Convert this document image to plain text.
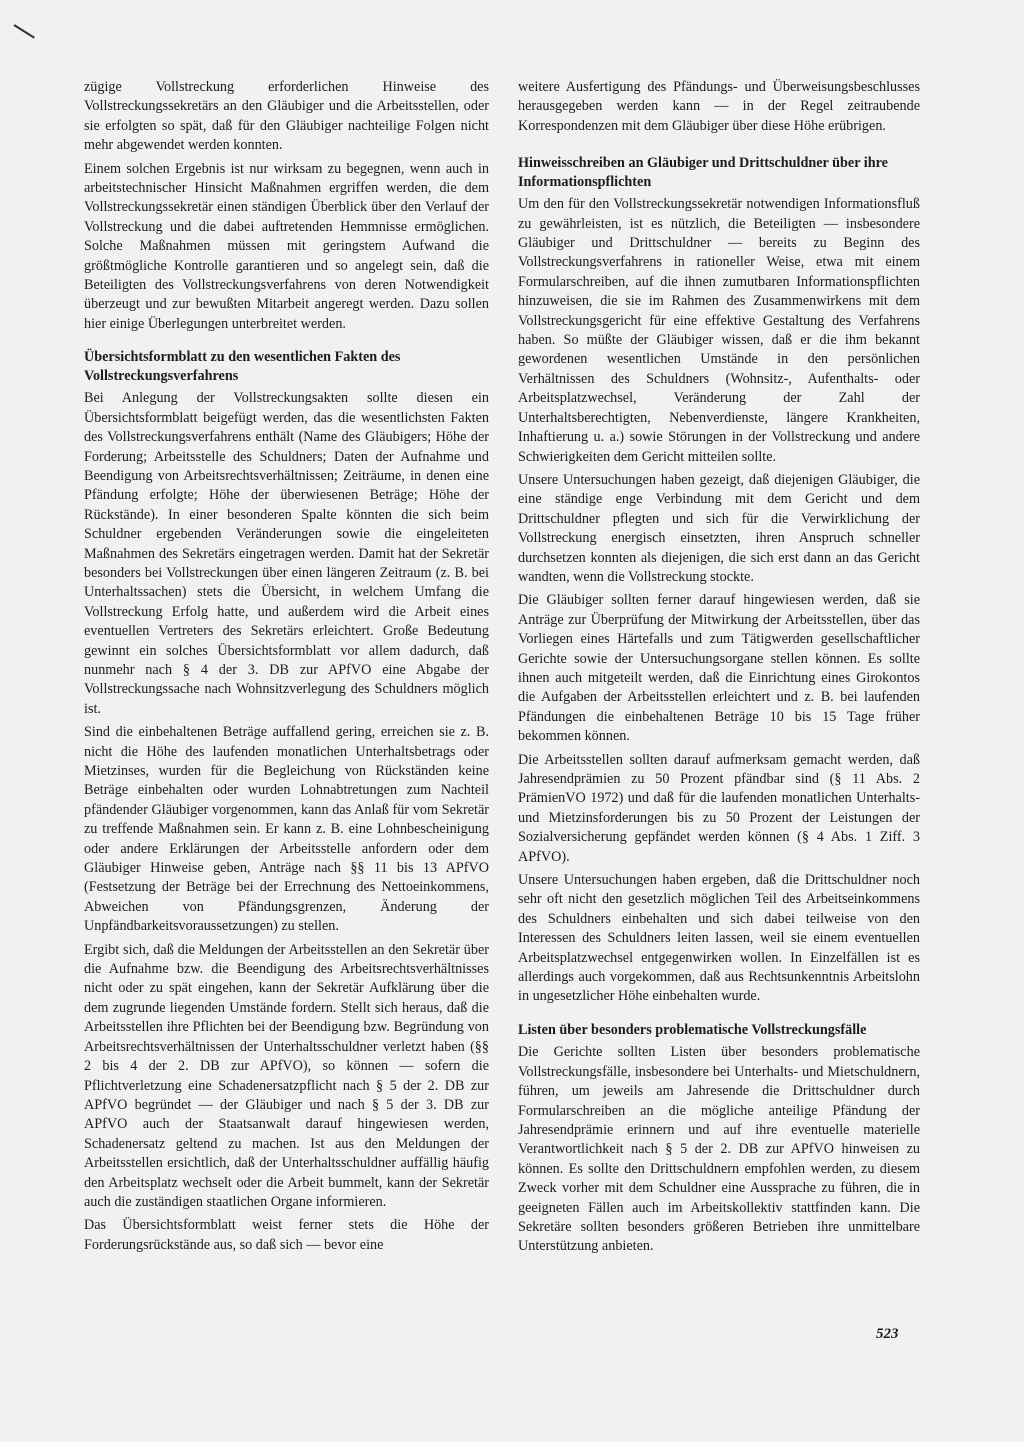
zügige Vollstreckung erforderlichen Hinweise des Vollstreckungssekretärs an den Gläubiger und die Arbeitsstellen, oder sie erfolgten so spät, daß für den Gläubiger nachteilige Folgen nicht mehr abgewendet werden konnten.

Einem solchen Ergebnis ist nur wirksam zu begegnen, wenn auch in arbeitstechnischer Hinsicht Maßnahmen ergriffen werden, die dem Vollstreckungssekretär einen ständigen Überblick über den Verlauf der Vollstreckung und die dabei auftretenden Hemmnisse ermöglichen. Solche Maßnahmen müssen mit geringstem Aufwand die größtmögliche Kontrolle garantieren und so angelegt sein, daß die Beteiligten des Vollstreckungsverfahrens von deren Notwendigkeit überzeugt und zur bewußten Mitarbeit angeregt werden. Dazu sollen hier einige Überlegungen unterbreitet werden.

Übersichtsformblatt zu den wesentlichen Fakten des Vollstreckungsverfahrens

Bei Anlegung der Vollstreckungsakten sollte diesen ein Übersichtsformblatt beigefügt werden, das die wesentlichsten Fakten des Vollstreckungsverfahrens enthält (Name des Gläubigers; Höhe der Forderung; Arbeitsstelle des Schuldners; Daten der Aufnahme und Beendigung von Arbeitsrechtsverhältnissen; Zeiträume, in denen eine Pfändung erfolgte; Höhe der überwiesenen Beträge; Höhe der Rückstände). In einer besonderen Spalte könnten die sich beim Schuldner ergebenden Veränderungen sowie die eingeleiteten Maßnahmen des Sekretärs eingetragen werden. Damit hat der Sekretär besonders bei Vollstreckungen über einen längeren Zeitraum (z. B. bei Unterhaltssachen) stets die Übersicht, in welchem Umfang die Vollstreckung Erfolg hatte, und außerdem wird die Arbeit eines eventuellen Vertreters des Sekretärs erleichtert. Große Bedeutung gewinnt ein solches Übersichtsformblatt vor allem dadurch, daß nunmehr nach § 4 der 3. DB zur APfVO eine Abgabe der Vollstreckungssache nach Wohnsitzverlegung des Schuldners möglich ist.

Sind die einbehaltenen Beträge auffallend gering, erreichen sie z. B. nicht die Höhe des laufenden monatlichen Unterhaltsbetrags oder Mietzinses, wurden für die Begleichung von Rückständen keine Beträge einbehalten oder wurden Lohnabtretungen zum Nachteil pfändender Gläubiger vorgenommen, kann das Anlaß für vom Sekretär zu treffende Maßnahmen sein. Er kann z. B. eine Lohnbescheinigung oder andere Erklärungen der Arbeitsstelle anfordern oder dem Gläubiger Hinweise geben, Anträge nach §§ 11 bis 13 APfVO (Festsetzung der Beträge bei der Errechnung des Nettoeinkommens, Abweichen von Pfändungsgrenzen, Änderung der Unpfändbarkeitsvoraussetzungen) zu stellen.

Ergibt sich, daß die Meldungen der Arbeitsstellen an den Sekretär über die Aufnahme bzw. die Beendigung des Arbeitsrechtsverhältnisses nicht oder zu spät eingehen, kann der Sekretär Aufklärung über die dem zugrunde liegenden Umstände fordern. Stellt sich heraus, daß die Arbeitsstellen ihre Pflichten bei der Beendigung bzw. Begründung von Arbeitsrechtsverhältnissen der Unterhaltsschuldner verletzt haben (§§ 2 bis 4 der 2. DB zur APfVO), so können — sofern die Pflichtverletzung eine Schadenersatzpflicht nach § 5 der 2. DB zur APfVO begründet — der Gläubiger und nach § 5 der 3. DB zur APfVO auch der Staatsanwalt darauf hingewiesen werden, Schadenersatz geltend zu machen. Ist aus den Meldungen der Arbeitsstellen ersichtlich, daß der Unterhaltsschuldner auffällig häufig den Arbeitsplatz wechselt oder die Arbeit bummelt, kann der Sekretär auch die zuständigen staatlichen Organe informieren.

Das Übersichtsformblatt weist ferner stets die Höhe der Forderungsrückstände aus, so daß sich — bevor eine

weitere Ausfertigung des Pfändungs- und Überweisungsbeschlusses herausgegeben werden kann — in der Regel zeitraubende Korrespondenzen mit dem Gläubiger über diese Höhe erübrigen.

Hinweisschreiben an Gläubiger und Drittschuldner über ihre Informationspflichten

Um den für den Vollstreckungssekretär notwendigen Informationsfluß zu gewährleisten, ist es nützlich, die Beteiligten — insbesondere Gläubiger und Drittschuldner — bereits zu Beginn des Vollstreckungsverfahrens in rationeller Weise, etwa mit einem Formularschreiben, auf die ihnen zumutbaren Informationspflichten hinzuweisen, die sie im Rahmen des Zusammenwirkens mit dem Vollstreckungsgericht für eine effektive Gestaltung des Verfahrens haben. So müßte der Gläubiger wissen, daß er die ihm bekannt gewordenen wesentlichen Umstände in den persönlichen Verhältnissen des Schuldners (Wohnsitz-, Aufenthalts- oder Arbeitsplatzwechsel, Veränderung der Zahl der Unterhaltsberechtigten, Nebenverdienste, längere Krankheiten, Inhaftierung u. a.) sowie Störungen in der Vollstreckung und andere Schwierigkeiten dem Gericht mitteilen sollte.

Unsere Untersuchungen haben gezeigt, daß diejenigen Gläubiger, die eine ständige enge Verbindung mit dem Gericht und dem Drittschuldner pflegten und sich für die Verwirklichung der Vollstreckung energisch einsetzten, ihren Anspruch schneller durchsetzen konnten als diejenigen, die sich erst dann an das Gericht wandten, wenn die Vollstreckung stockte.

Die Gläubiger sollten ferner darauf hingewiesen werden, daß sie Anträge zur Überprüfung der Mitwirkung der Arbeitsstellen, über das Vorliegen eines Härtefalls und zum Tätigwerden gesellschaftlicher Gerichte sowie der Untersuchungsorgane stellen können. Es sollte ihnen auch mitgeteilt werden, daß die Einrichtung eines Girokontos die Aufgaben der Arbeitsstellen erleichtert und z. B. bei laufenden Pfändungen die einbehaltenen Beträge 10 bis 15 Tage früher bekommen können.

Die Arbeitsstellen sollten darauf aufmerksam gemacht werden, daß Jahresendprämien zu 50 Prozent pfändbar sind (§ 11 Abs. 2 PrämienVO 1972) und daß für die laufenden monatlichen Unterhalts- und Mietzinsforderungen bis zu 50 Prozent der Leistungen der Sozialversicherung gepfändet werden können (§ 4 Abs. 1 Ziff. 3 APfVO).

Unsere Untersuchungen haben ergeben, daß die Drittschuldner noch sehr oft nicht den gesetzlich möglichen Teil des Arbeitseinkommens des Schuldners einbehalten und sich dabei teilweise von den Interessen des Schuldners leiten lassen, weil sie einem eventuellen Arbeitsplatzwechsel entgegenwirken wollen. In Einzelfällen ist es allerdings auch vorgekommen, daß aus Rechtsunkenntnis Arbeitslohn in ungesetzlicher Höhe einbehalten wurde.

Listen über besonders problematische Vollstreckungsfälle

Die Gerichte sollten Listen über besonders problematische Vollstreckungsfälle, insbesondere bei Unterhalts- und Mietschuldnern, führen, um jeweils am Jahresende die Drittschuldner durch Formularschreiben an die mögliche anteilige Pfändung der Jahresendprämie erinnern und auf ihre eventuelle materielle Verantwortlichkeit nach § 5 der 2. DB zur APfVO hinweisen zu können. Es sollte den Drittschuldnern empfohlen werden, zu diesem Zweck vorher mit dem Schuldner eine Aussprache zu führen, die in geeigneten Fällen auch im Arbeitskollektiv stattfinden kann. Die Sekretäre sollten besonders größeren Betrieben ihre unmittelbare Unterstützung anbieten.

523
